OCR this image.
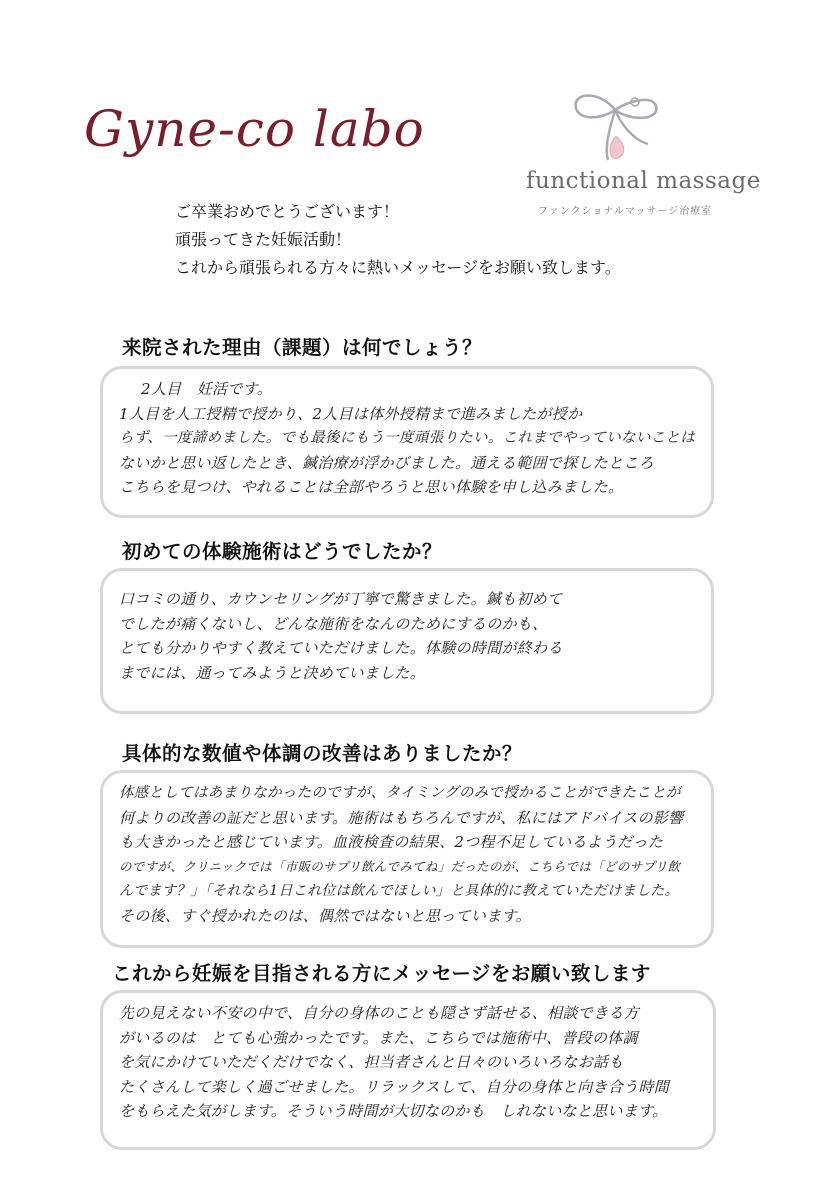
Gyne-co labo
functional massage
ファンクショナルマッサージ治療室
ご卒業おめでとうございます！
頑張ってきた妊娠活動！
これから頑張られる方々に熱いメッセージをお願い致します。
来院された理由（課題）は何でしょう？
2人目　妊活です。
1人目を人工授精で授かり、2人目は体外授精まで進みましたが授か
らず、一度諦めました。でも最後にもう一度頑張りたい。これまでやっていないことは
ないかと思い返したとき、鍼治療が浮かびました。通える範囲で探したところ
こちらを見つけ、やれることは全部やろうと思い体験を申し込みました。
初めての体験施術はどうでしたか？
口コミの通り、カウンセリングが丁寧で驚きました。鍼も初めて
でしたが痛くないし、どんな施術をなんのためにするのかも、
とても分かりやすく教えていただけました。体験の時間が終わる
までには、通ってみようと決めていました。
具体的な数値や体調の改善はありましたか？
体感としてはあまりなかったのですが、タイミングのみで授かることができたことが
何よりの改善の証だと思います。施術はもちろんですが、私にはアドバイスの影響
も大きかったと感じています。血液検査の結果、2つ程不足しているようだった
のですが、クリニックでは「市販のサプリ飲んでみてね」だったのが、こちらでは「どのサプリ飲
んでます？」「それなら1日これ位は飲んでほしい」と具体的に教えていただけました。
その後、すぐ授かれたのは、偶然ではないと思っています。
これから妊娠を目指される方にメッセージをお願い致します
先の見えない不安の中で、自分の身体のことも隠さず話せる、相談できる方
がいるのは　とても心強かったです。また、こちらでは施術中、普段の体調
を気にかけていただくだけでなく、担当者さんと日々のいろいろなお話も
たくさんして楽しく過ごせました。リラックスして、自分の身体と向き合う時間
をもらえた気がします。そういう時間が大切なのかも　しれないなと思います。
